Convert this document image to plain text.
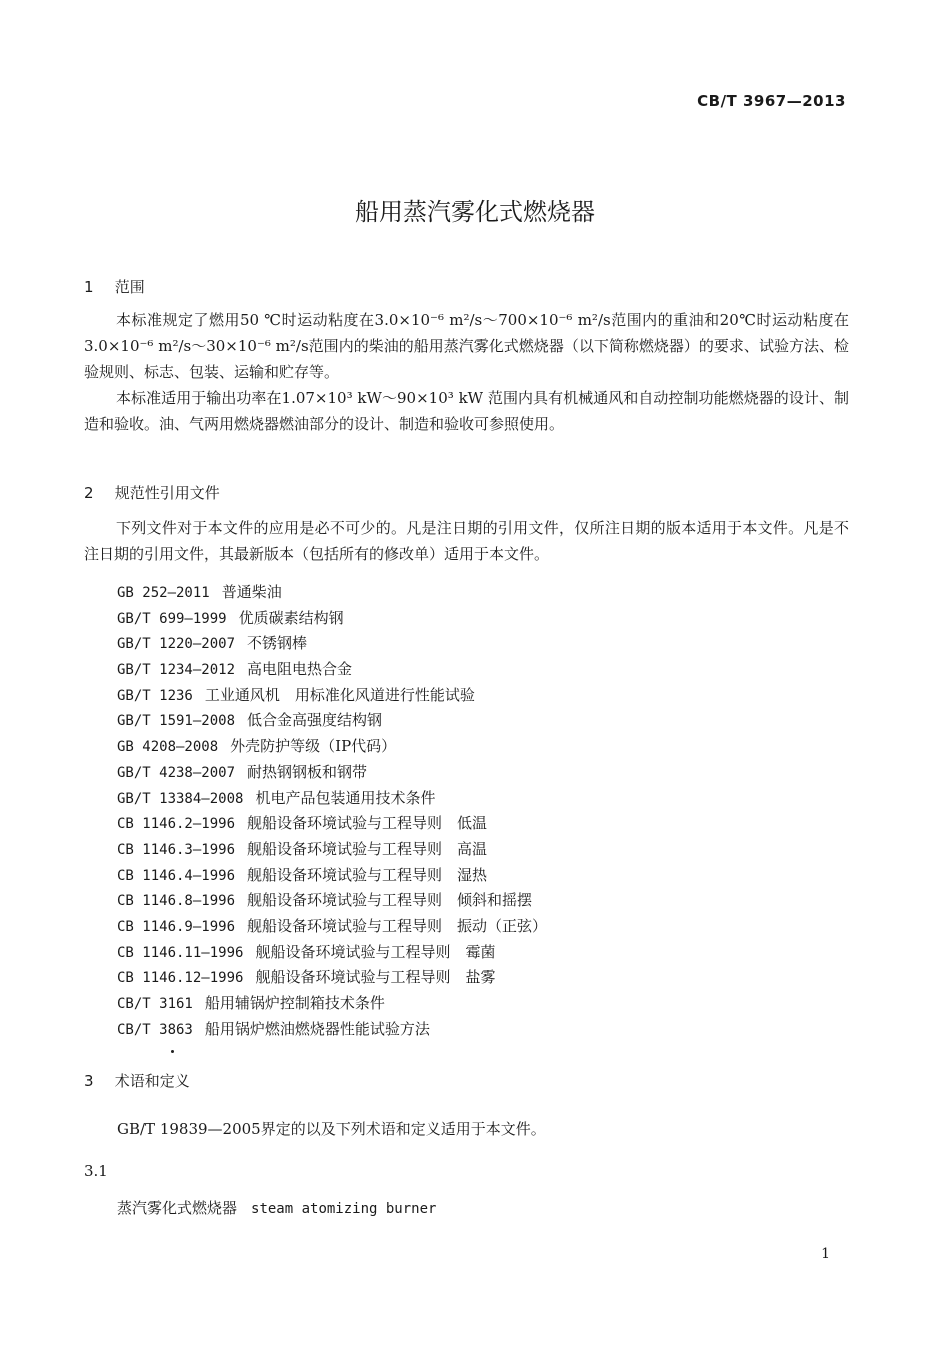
CB/T 3967—2013
船用蒸汽雾化式燃烧器
1 范围

本标准规定了燃用50 ℃时运动粘度在3.0×10⁻⁶ m²/s～700×10⁻⁶ m²/s范围内的重油和20℃时运动粘度在3.0×10⁻⁶ m²/s～30×10⁻⁶ m²/s范围内的柴油的船用蒸汽雾化式燃烧器（以下简称燃烧器）的要求、试验方法、检验规则、标志、包装、运输和贮存等。

本标准适用于输出功率在1.07×10³ kW～90×10³ kW 范围内具有机械通风和自动控制功能燃烧器的设计、制造和验收。油、气两用燃烧器燃油部分的设计、制造和验收可参照使用。

2 规范性引用文件

下列文件对于本文件的应用是必不可少的。凡是注日期的引用文件，仅所注日期的版本适用于本文件。凡是不注日期的引用文件，其最新版本（包括所有的修改单）适用于本文件。

GB 252—2011 普通柴油
GB/T 699—1999 优质碳素结构钢
GB/T 1220—2007 不锈钢棒
GB/T 1234—2012 高电阻电热合金
GB/T 1236 工业通风机　用标准化风道进行性能试验
GB/T 1591—2008 低合金高强度结构钢
GB 4208—2008 外壳防护等级（IP代码）
GB/T 4238—2007 耐热钢钢板和钢带
GB/T 13384—2008 机电产品包装通用技术条件
CB 1146.2—1996 舰船设备环境试验与工程导则　低温
CB 1146.3—1996 舰船设备环境试验与工程导则　高温
CB 1146.4—1996 舰船设备环境试验与工程导则　湿热
CB 1146.8—1996 舰船设备环境试验与工程导则　倾斜和摇摆
CB 1146.9—1996 舰船设备环境试验与工程导则　振动（正弦）
CB 1146.11—1996 舰船设备环境试验与工程导则　霉菌
CB 1146.12—1996 舰船设备环境试验与工程导则　盐雾
CB/T 3161 船用辅锅炉控制箱技术条件
CB/T 3863 船用锅炉燃油燃烧器性能试验方法
3 术语和定义
GB/T 19839—2005界定的以及下列术语和定义适用于本文件。
3.1
蒸汽雾化式燃烧器 steam atomizing burner
1
